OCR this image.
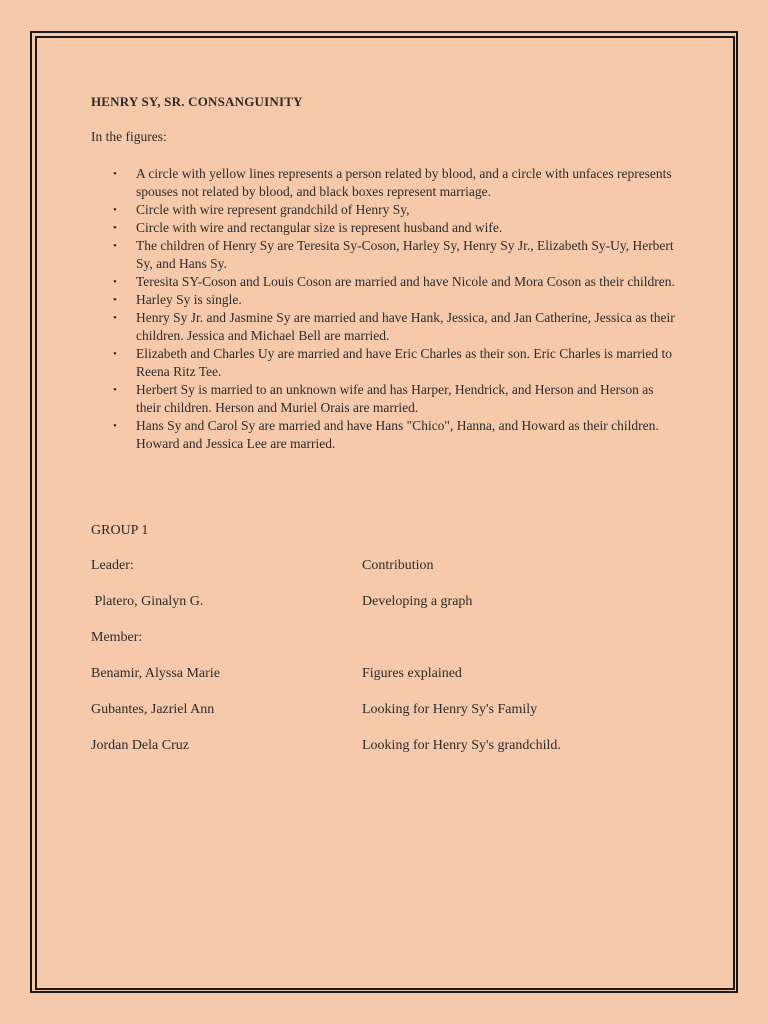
HENRY SY, SR. CONSANGUINITY

In the figures:

• A circle with yellow lines represents a person related by blood, and a circle with unfaces represents spouses not related by blood, and black boxes represent marriage.
• Circle with wire represent grandchild of Henry Sy,
• Circle with wire and rectangular size is represent husband and wife.
• The children of Henry Sy are Teresita Sy-Coson, Harley Sy, Henry Sy Jr., Elizabeth Sy-Uy, Herbert Sy, and Hans Sy.
• Teresita SY-Coson and Louis Coson are married and have Nicole and Mora Coson as their children.
• Harley Sy is single.
• Henry Sy Jr. and Jasmine Sy are married and have Hank, Jessica, and Jan Catherine, Jessica as their children. Jessica and Michael Bell are married.
• Elizabeth and Charles Uy are married and have Eric Charles as their son. Eric Charles is married to Reena Ritz Tee.
• Herbert Sy is married to an unknown wife and has Harper, Hendrick, and Herson and Herson as their children. Herson and Muriel Orais are married.
• Hans Sy and Carol Sy are married and have Hans "Chico", Hanna, and Howard as their children. Howard and Jessica Lee are married.

GROUP 1

Leader:	Contribution
Platero, Ginalyn G.	Developing a graph
Member:
Benamir, Alyssa Marie	Figures explained
Gubantes, Jazriel Ann	Looking for Henry Sy's Family
Jordan Dela Cruz	Looking for Henry Sy's grandchild.
